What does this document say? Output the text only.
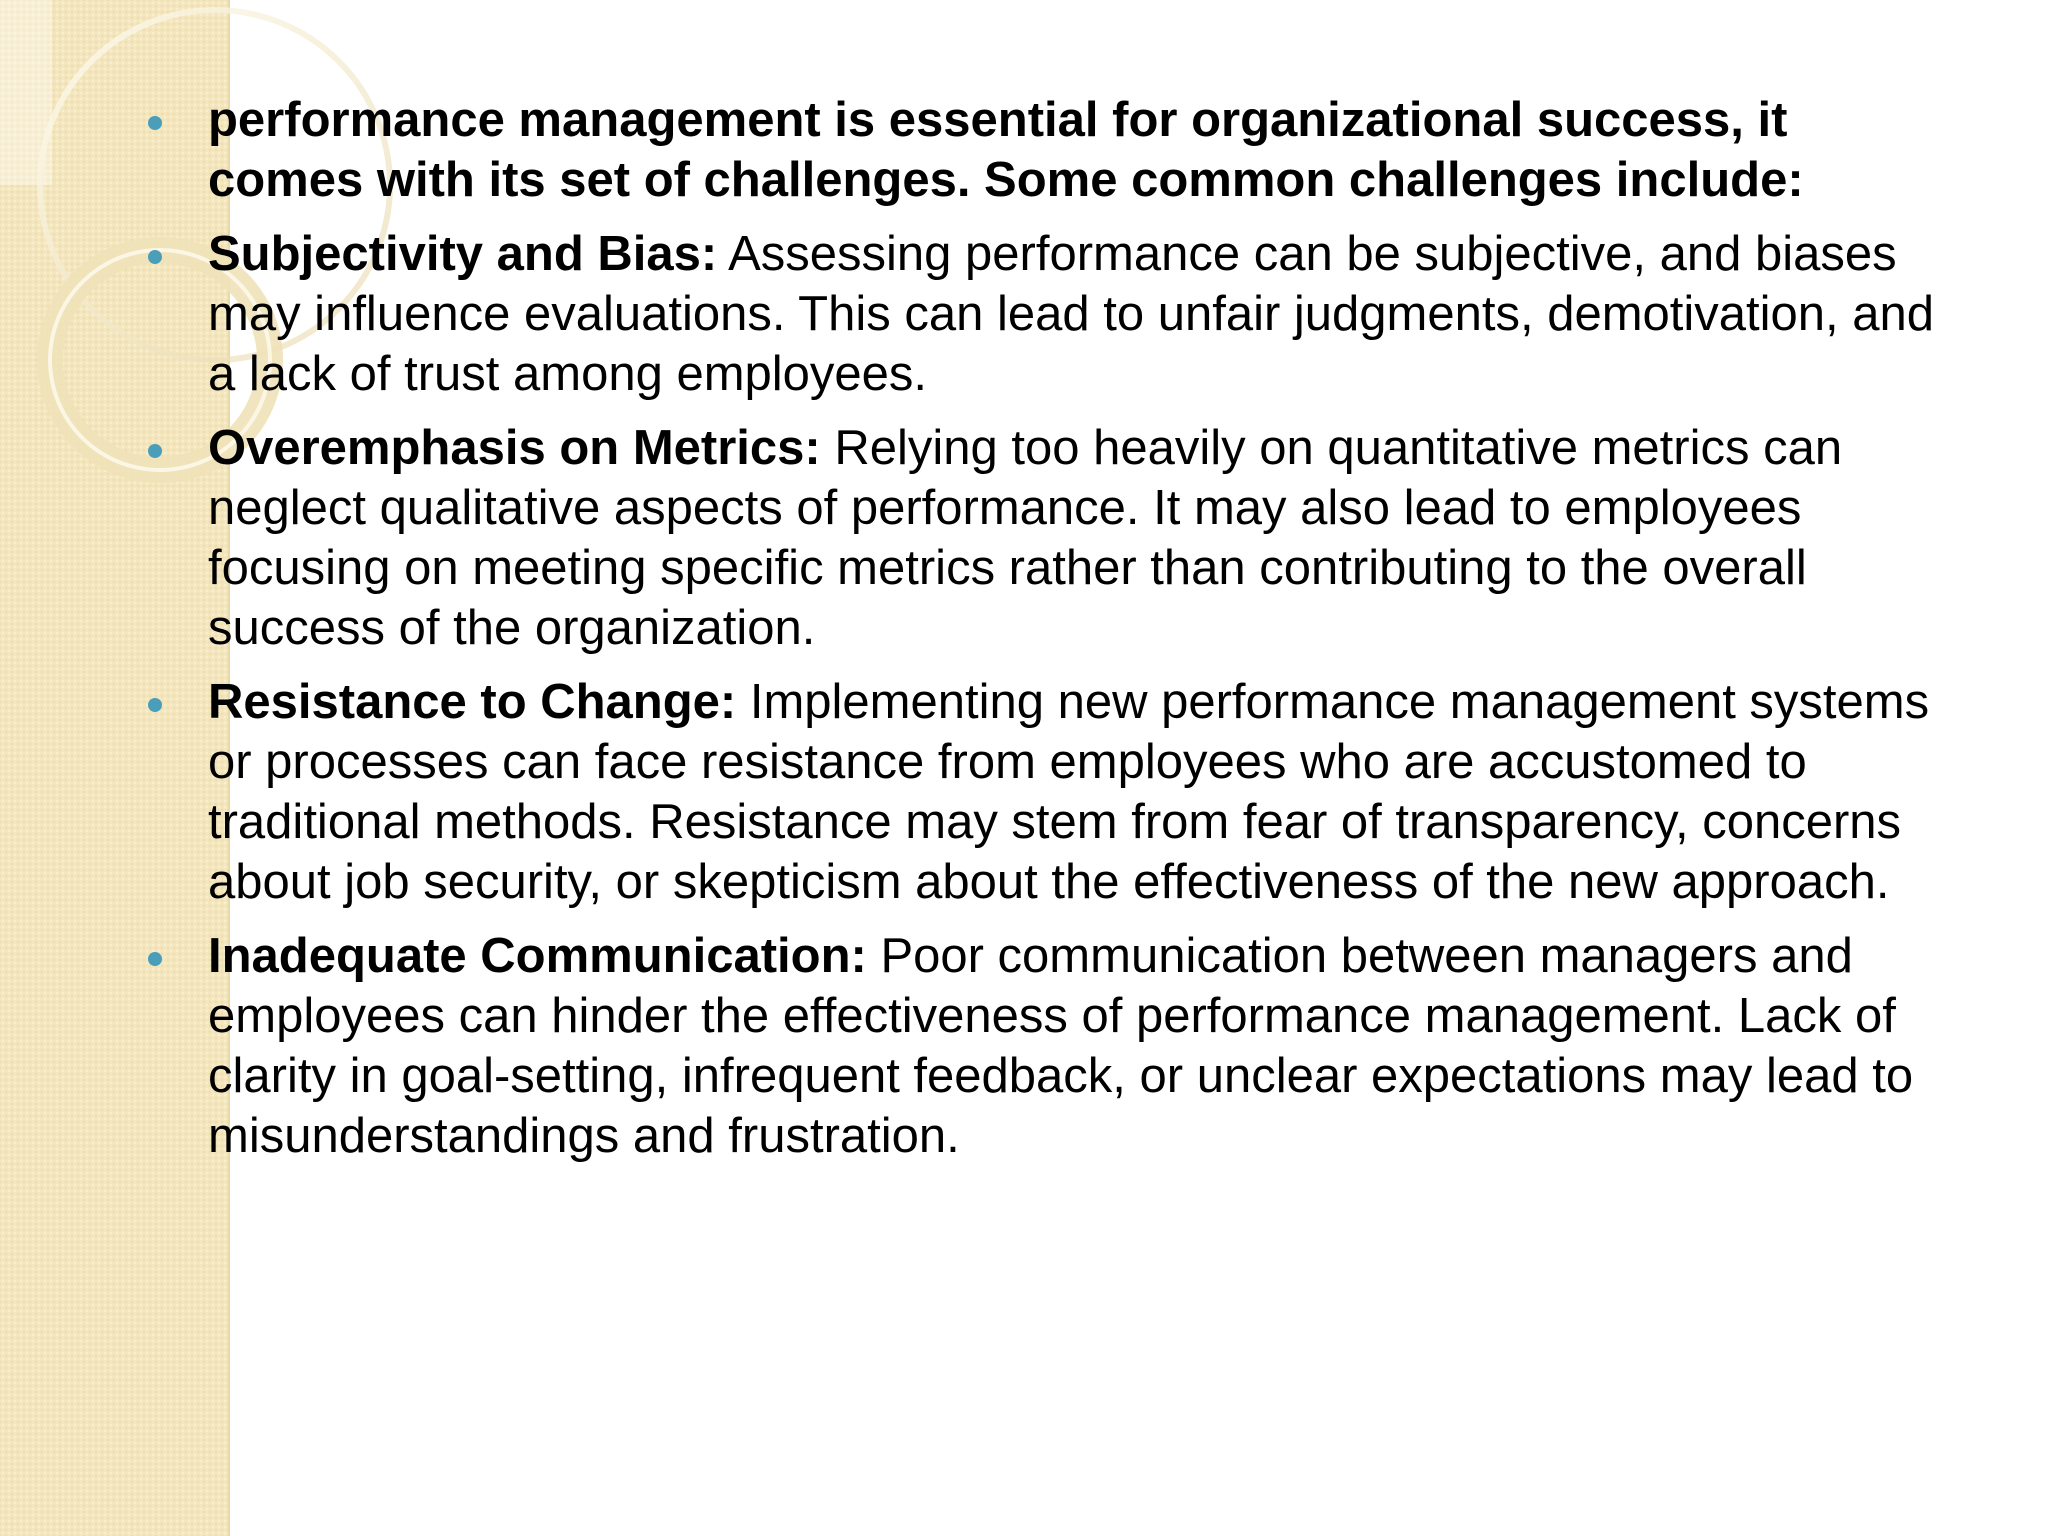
performance management is essential for organizational success, it comes with its set of challenges. Some common challenges include:
Subjectivity and Bias: Assessing performance can be subjective, and biases may influence evaluations. This can lead to unfair judgments, demotivation, and a lack of trust among employees.
Overemphasis on Metrics: Relying too heavily on quantitative metrics can neglect qualitative aspects of performance. It may also lead to employees focusing on meeting specific metrics rather than contributing to the overall success of the organization.
Resistance to Change: Implementing new performance management systems or processes can face resistance from employees who are accustomed to traditional methods. Resistance may stem from fear of transparency, concerns about job security, or skepticism about the effectiveness of the new approach.
Inadequate Communication: Poor communication between managers and employees can hinder the effectiveness of performance management. Lack of clarity in goal-setting, infrequent feedback, or unclear expectations may lead to misunderstandings and frustration.
